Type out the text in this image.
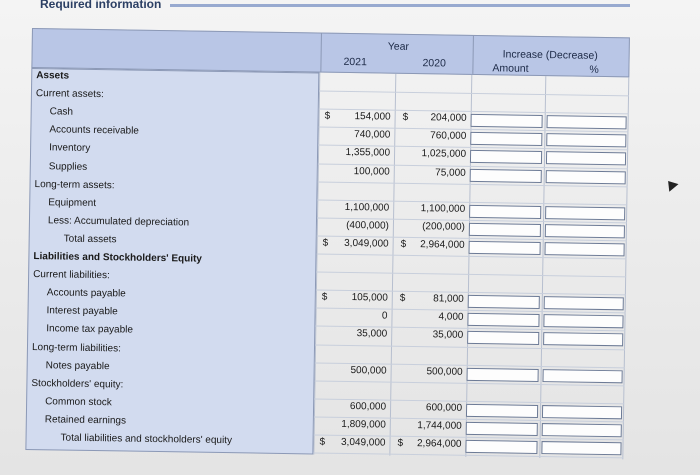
Required information
Year
2021	2020
Increase (Decrease)
Amount	%
Assets
Current assets:
Cash	$	154,000 $	204,000
Accounts receivable	740,000	760,000
Inventory	1,355,000	1,025,000
Supplies	100,000	75,000
Long-term assets:
Equipment	1,100,000	1,100,000
Less: Accumulated depreciation	(400,000)	(200,000)
Total assets	$	3,049,000 $	2,964,000
Liabilities and Stockholders' Equity
Current liabilities:
Accounts payable	$	105,000 $	81,000
Interest payable	0	4,000
Income tax payable	35,000	35,000
Long-term liabilities:
Notes payable	500,000	500,000
Stockholders' equity:
Common stock	600,000	600,000
Retained earnings	1,809,000	1,744,000
Total liabilities and stockholders' equity	$	3,049,000 $	2,964,000
